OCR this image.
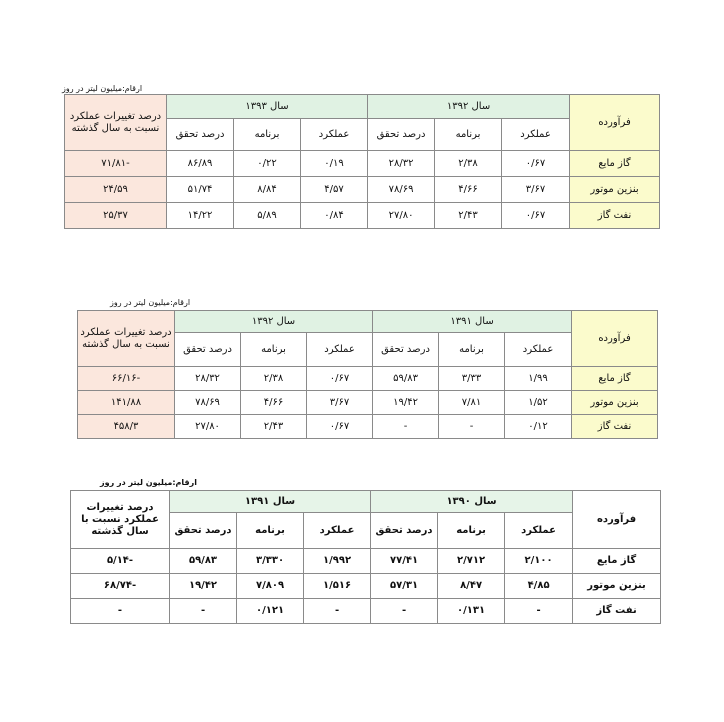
ارقام:میلیون لیتر در روز
فرآورده	سال ۱۳۹۲			سال ۱۳۹۳			درصد تغییرات عملکرد نسبت به سال گذشته
	عملکرد	برنامه	درصد تحقق	عملکرد	برنامه	درصد تحقق	
گاز مایع	۰/۶۷	۲/۳۸	۲۸/۳۲	۰/۱۹	۰/۲۲	۸۶/۸۹	-۷۱/۸۱
بنزین موتور	۳/۶۷	۴/۶۶	۷۸/۶۹	۴/۵۷	۸/۸۴	۵۱/۷۴	۲۴/۵۹
نفت گاز	۰/۶۷	۲/۴۳	۲۷/۸۰	۰/۸۴	۵/۸۹	۱۴/۲۲	۲۵/۳۷
ارقام:میلیون لیتر در روز
فرآورده	سال ۱۳۹۱			سال ۱۳۹۲			درصد تغییرات عملکرد نسبت به سال گذشته
	عملکرد	برنامه	درصد تحقق	عملکرد	برنامه	درصد تحقق	
گاز مایع	۱/۹۹	۳/۳۳	۵۹/۸۳	۰/۶۷	۲/۳۸	۲۸/۳۲	-۶۶/۱۶
بنزین موتور	۱/۵۲	۷/۸۱	۱۹/۴۲	۳/۶۷	۴/۶۶	۷۸/۶۹	۱۴۱/۸۸
نفت گاز	۰/۱۲	-	-	۰/۶۷	۲/۴۳	۲۷/۸۰	۴۵۸/۳
ارقام:میلیون لیتر در روز
فرآورده	سال ۱۳۹۰			سال ۱۳۹۱			درصد تغییرات عملکرد نسبت با سال گذشته
	عملکرد	برنامه	درصد تحقق	عملکرد	برنامه	درصد تحقق	
گاز مایع	۲/۱۰۰	۲/۷۱۲	۷۷/۴۱	۱/۹۹۲	۳/۳۳۰	۵۹/۸۳	-۵/۱۴
بنزین موتور	۴/۸۵	۸/۴۷	۵۷/۳۱	۱/۵۱۶	۷/۸۰۹	۱۹/۴۲	-۶۸/۷۴
نفت گاز	-	۰/۱۳۱	-	-	۰/۱۲۱	-	-
